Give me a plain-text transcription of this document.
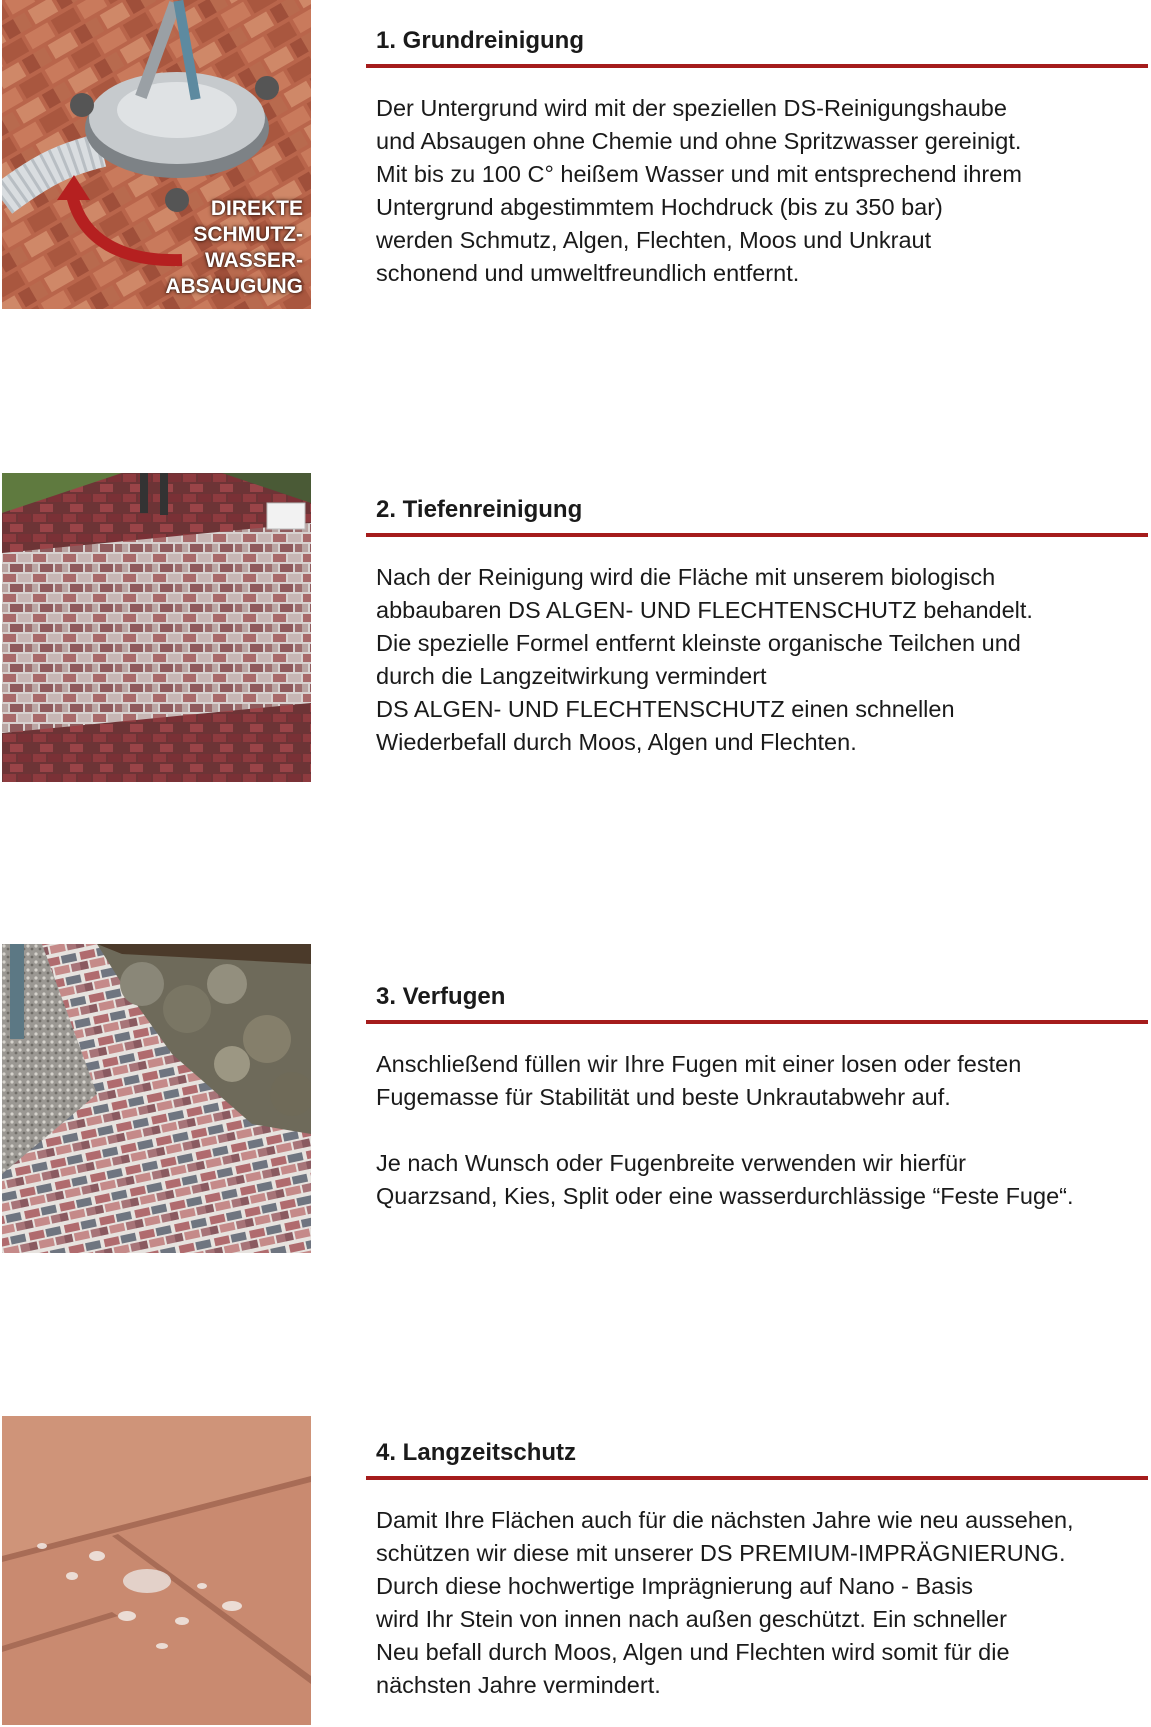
DIREKTE
SCHMUTZ-
WASSER-
ABSAUGUNG
1. Grundreinigung

Der Untergrund wird mit der speziellen DS-Reinigungshaube

und Absaugen ohne Chemie und ohne Spritzwasser gereinigt.

Mit bis zu 100 C° heißem Wasser und mit entsprechend ihrem

Untergrund abgestimmtem Hochdruck (bis zu 350 bar)

werden Schmutz, Algen, Flechten, Moos und Unkraut

schonend und umweltfreundlich entfernt.

2. Tiefenreinigung

Nach der Reinigung wird die Fläche mit unserem biologisch

abbaubaren DS ALGEN- UND FLECHTENSCHUTZ behandelt.

Die spezielle Formel entfernt kleinste organische Teilchen und

durch die Langzeitwirkung vermindert

DS ALGEN- UND FLECHTENSCHUTZ einen schnellen

Wiederbefall durch Moos, Algen und Flechten.

3. Verfugen

Anschließend füllen wir Ihre Fugen mit einer losen oder festen

Fugemasse für Stabilität und beste Unkrautabwehr auf.

Je nach Wunsch oder Fugenbreite verwenden wir hierfür

Quarzsand, Kies, Split oder eine wasserdurchlässige “Feste Fuge“.

4. Langzeitschutz

Damit Ihre Flächen auch für die nächsten Jahre wie neu aussehen,

schützen wir diese mit unserer DS PREMIUM-IMPRÄGNIERUNG.

Durch diese hochwertige Imprägnierung auf Nano - Basis

wird Ihr Stein von innen nach außen geschützt. Ein schneller

Neu befall durch Moos, Algen und Flechten wird somit für die

nächsten Jahre vermindert.
